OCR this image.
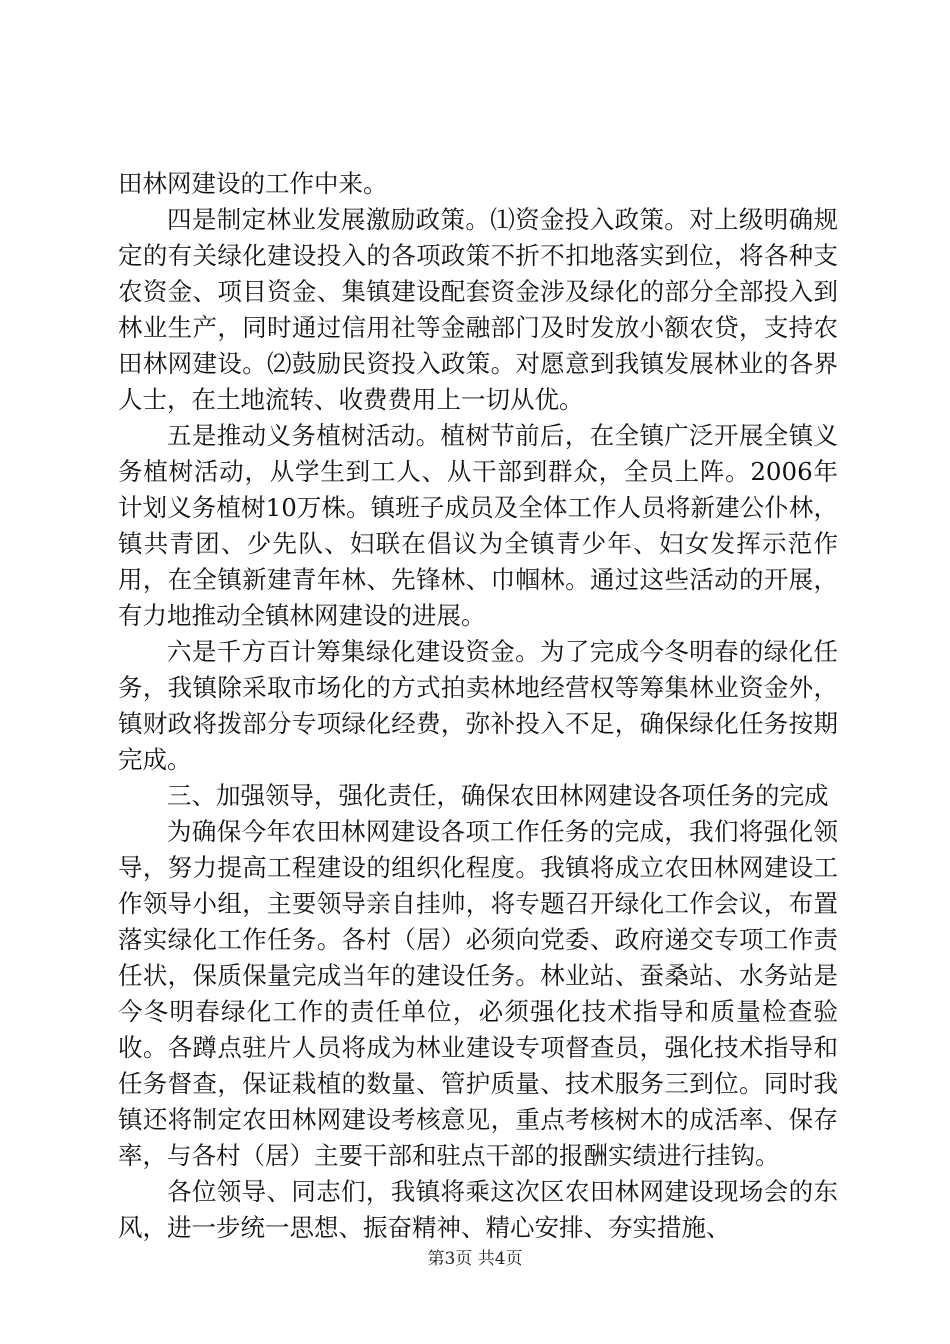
田林网建设的工作中来。

四是制定林业发展激励政策。⑴资金投入政策。对上级明确规定的有关绿化建设投入的各项政策不折不扣地落实到位，将各种支农资金、项目资金、集镇建设配套资金涉及绿化的部分全部投入到林业生产，同时通过信用社等金融部门及时发放小额农贷，支持农田林网建设。⑵鼓励民资投入政策。对愿意到我镇发展林业的各界人士，在土地流转、收费费用上一切从优。

五是推动义务植树活动。植树节前后，在全镇广泛开展全镇义务植树活动，从学生到工人、从干部到群众，全员上阵。2006年计划义务植树10万株。镇班子成员及全体工作人员将新建公仆林，镇共青团、少先队、妇联在倡议为全镇青少年、妇女发挥示范作用，在全镇新建青年林、先锋林、巾帼林。通过这些活动的开展，有力地推动全镇林网建设的进展。

六是千方百计筹集绿化建设资金。为了完成今冬明春的绿化任务，我镇除采取市场化的方式拍卖林地经营权等筹集林业资金外，镇财政将拨部分专项绿化经费，弥补投入不足，确保绿化任务按期完成。

三、加强领导，强化责任，确保农田林网建设各项任务的完成

为确保今年农田林网建设各项工作任务的完成，我们将强化领导，努力提高工程建设的组织化程度。我镇将成立农田林网建设工作领导小组，主要领导亲自挂帅，将专题召开绿化工作会议，布置落实绿化工作任务。各村（居）必须向党委、政府递交专项工作责任状，保质保量完成当年的建设任务。林业站、蚕桑站、水务站是今冬明春绿化工作的责任单位，必须强化技术指导和质量检查验收。各蹲点驻片人员将成为林业建设专项督查员，强化技术指导和任务督查，保证栽植的数量、管护质量、技术服务三到位。同时我镇还将制定农田林网建设考核意见，重点考核树木的成活率、保存率，与各村（居）主要干部和驻点干部的报酬实绩进行挂钩。

各位领导、同志们，我镇将乘这次区农田林网建设现场会的东风，进一步统一思想、振奋精神、精心安排、夯实措施、

第3页 共4页
